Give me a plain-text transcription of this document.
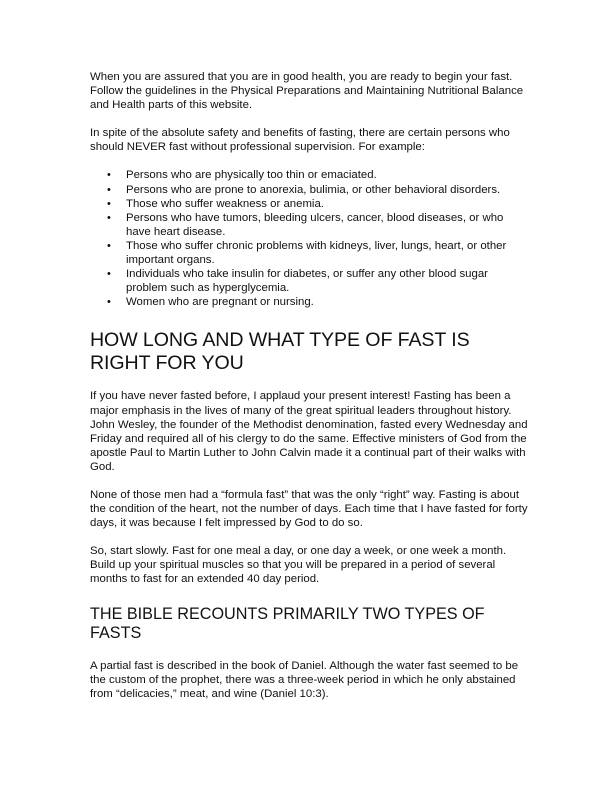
When you are assured that you are in good health, you are ready to begin your fast. Follow the guidelines in the Physical Preparations and Maintaining Nutritional Balance and Health parts of this website.

In spite of the absolute safety and benefits of fasting, there are certain persons who should NEVER fast without professional supervision. For example:

• Persons who are physically too thin or emaciated.
• Persons who are prone to anorexia, bulimia, or other behavioral disorders.
• Those who suffer weakness or anemia.
• Persons who have tumors, bleeding ulcers, cancer, blood diseases, or who have heart disease.
• Those who suffer chronic problems with kidneys, liver, lungs, heart, or other important organs.
• Individuals who take insulin for diabetes, or suffer any other blood sugar problem such as hyperglycemia.
• Women who are pregnant or nursing.
HOW LONG AND WHAT TYPE OF FAST IS RIGHT FOR YOU

If you have never fasted before, I applaud your present interest! Fasting has been a major emphasis in the lives of many of the great spiritual leaders throughout history. John Wesley, the founder of the Methodist denomination, fasted every Wednesday and Friday and required all of his clergy to do the same. Effective ministers of God from the apostle Paul to Martin Luther to John Calvin made it a continual part of their walks with God.

None of those men had a “formula fast” that was the only “right” way. Fasting is about the condition of the heart, not the number of days. Each time that I have fasted for forty days, it was because I felt impressed by God to do so.

So, start slowly. Fast for one meal a day, or one day a week, or one week a month. Build up your spiritual muscles so that you will be prepared in a period of several months to fast for an extended 40 day period.

THE BIBLE RECOUNTS PRIMARILY TWO TYPES OF FASTS

A partial fast is described in the book of Daniel. Although the water fast seemed to be the custom of the prophet, there was a three-week period in which he only abstained from “delicacies,” meat, and wine (Daniel 10:3).
